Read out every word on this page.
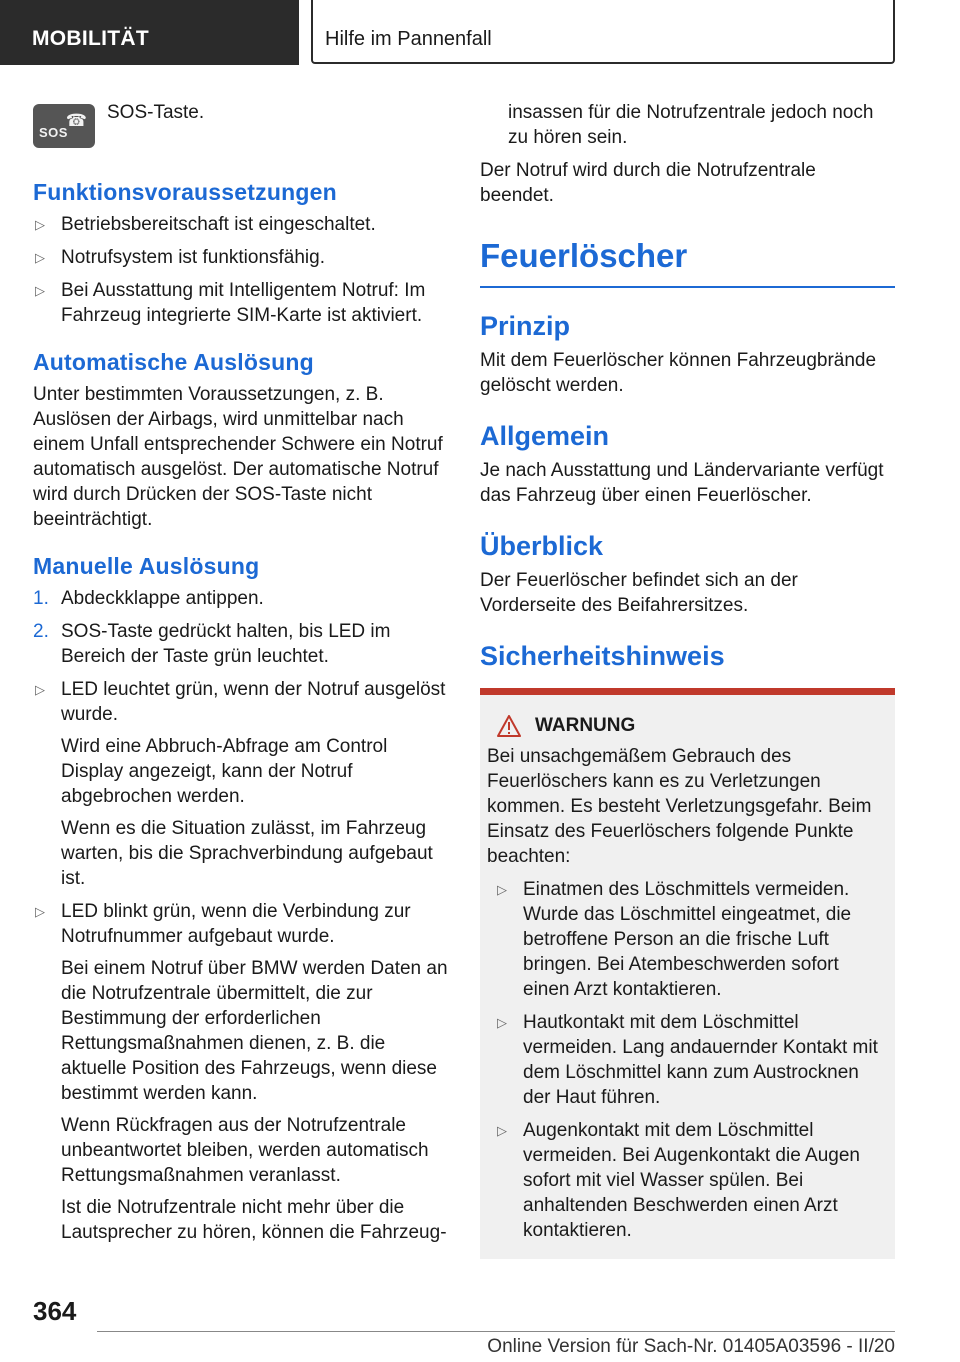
MOBILITÄT	Hilfe im Pannenfall
☎
SOS

SOS-Taste.

Funktionsvoraussetzungen
▷ Betriebsbereitschaft ist eingeschaltet.
▷ Notrufsystem ist funktionsfähig.
▷ Bei Ausstattung mit Intelligentem Notruf: Im Fahrzeug integrierte SIM-Karte ist aktiviert.
Automatische Auslösung

Unter bestimmten Voraussetzungen, z. B. Auslösen der Airbags, wird unmittelbar nach einem Unfall entsprechender Schwere ein Notruf automatisch ausgelöst. Der automatische Notruf wird durch Drücken der SOS-Taste nicht beeinträchtigt.

Manuelle Auslösung
1. Abdeckklappe antippen.
2. SOS-Taste gedrückt halten, bis LED im Bereich der Taste grün leuchtet.
▷ LED leuchtet grün, wenn der Notruf ausgelöst wurde.
Wird eine Abbruch-Abfrage am Control Display angezeigt, kann der Notruf abgebrochen werden.
Wenn es die Situation zulässt, im Fahrzeug warten, bis die Sprachverbindung aufgebaut ist.
▷ LED blinkt grün, wenn die Verbindung zur Notrufnummer aufgebaut wurde.
Bei einem Notruf über BMW werden Daten an die Notrufzentrale übermittelt, die zur Bestimmung der erforderlichen Rettungsmaßnahmen dienen, z. B. die aktuelle Position des Fahrzeugs, wenn diese bestimmt werden kann.
Wenn Rückfragen aus der Notrufzentrale unbeantwortet bleiben, werden automatisch Rettungsmaßnahmen veranlasst.
Ist die Notrufzentrale nicht mehr über die Lautsprecher zu hören, können die Fahrzeug-

insassen für die Notrufzentrale jedoch noch zu hören sein.

Der Notruf wird durch die Notrufzentrale beendet.

Feuerlöscher
Prinzip

Mit dem Feuerlöscher können Fahrzeugbrände gelöscht werden.

Allgemein

Je nach Ausstattung und Ländervariante verfügt das Fahrzeug über einen Feuerlöscher.

Überblick

Der Feuerlöscher befindet sich an der Vorderseite des Beifahrersitzes.

Sicherheitshinweis
WARNUNG

Bei unsachgemäßem Gebrauch des Feuerlöschers kann es zu Verletzungen kommen. Es besteht Verletzungsgefahr. Beim Einsatz des Feuerlöschers folgende Punkte beachten:

▷ Einatmen des Löschmittels vermeiden. Wurde das Löschmittel eingeatmet, die betroffene Person an die frische Luft bringen. Bei Atembeschwerden sofort einen Arzt kontaktieren.
▷ Hautkontakt mit dem Löschmittel vermeiden. Lang andauernder Kontakt mit dem Löschmittel kann zum Austrocknen der Haut führen.
▷ Augenkontakt mit dem Löschmittel vermeiden. Bei Augenkontakt die Augen sofort mit viel Wasser spülen. Bei anhaltenden Beschwerden einen Arzt kontaktieren.
364
Online Version für Sach-Nr. 01405A03596 - II/20
